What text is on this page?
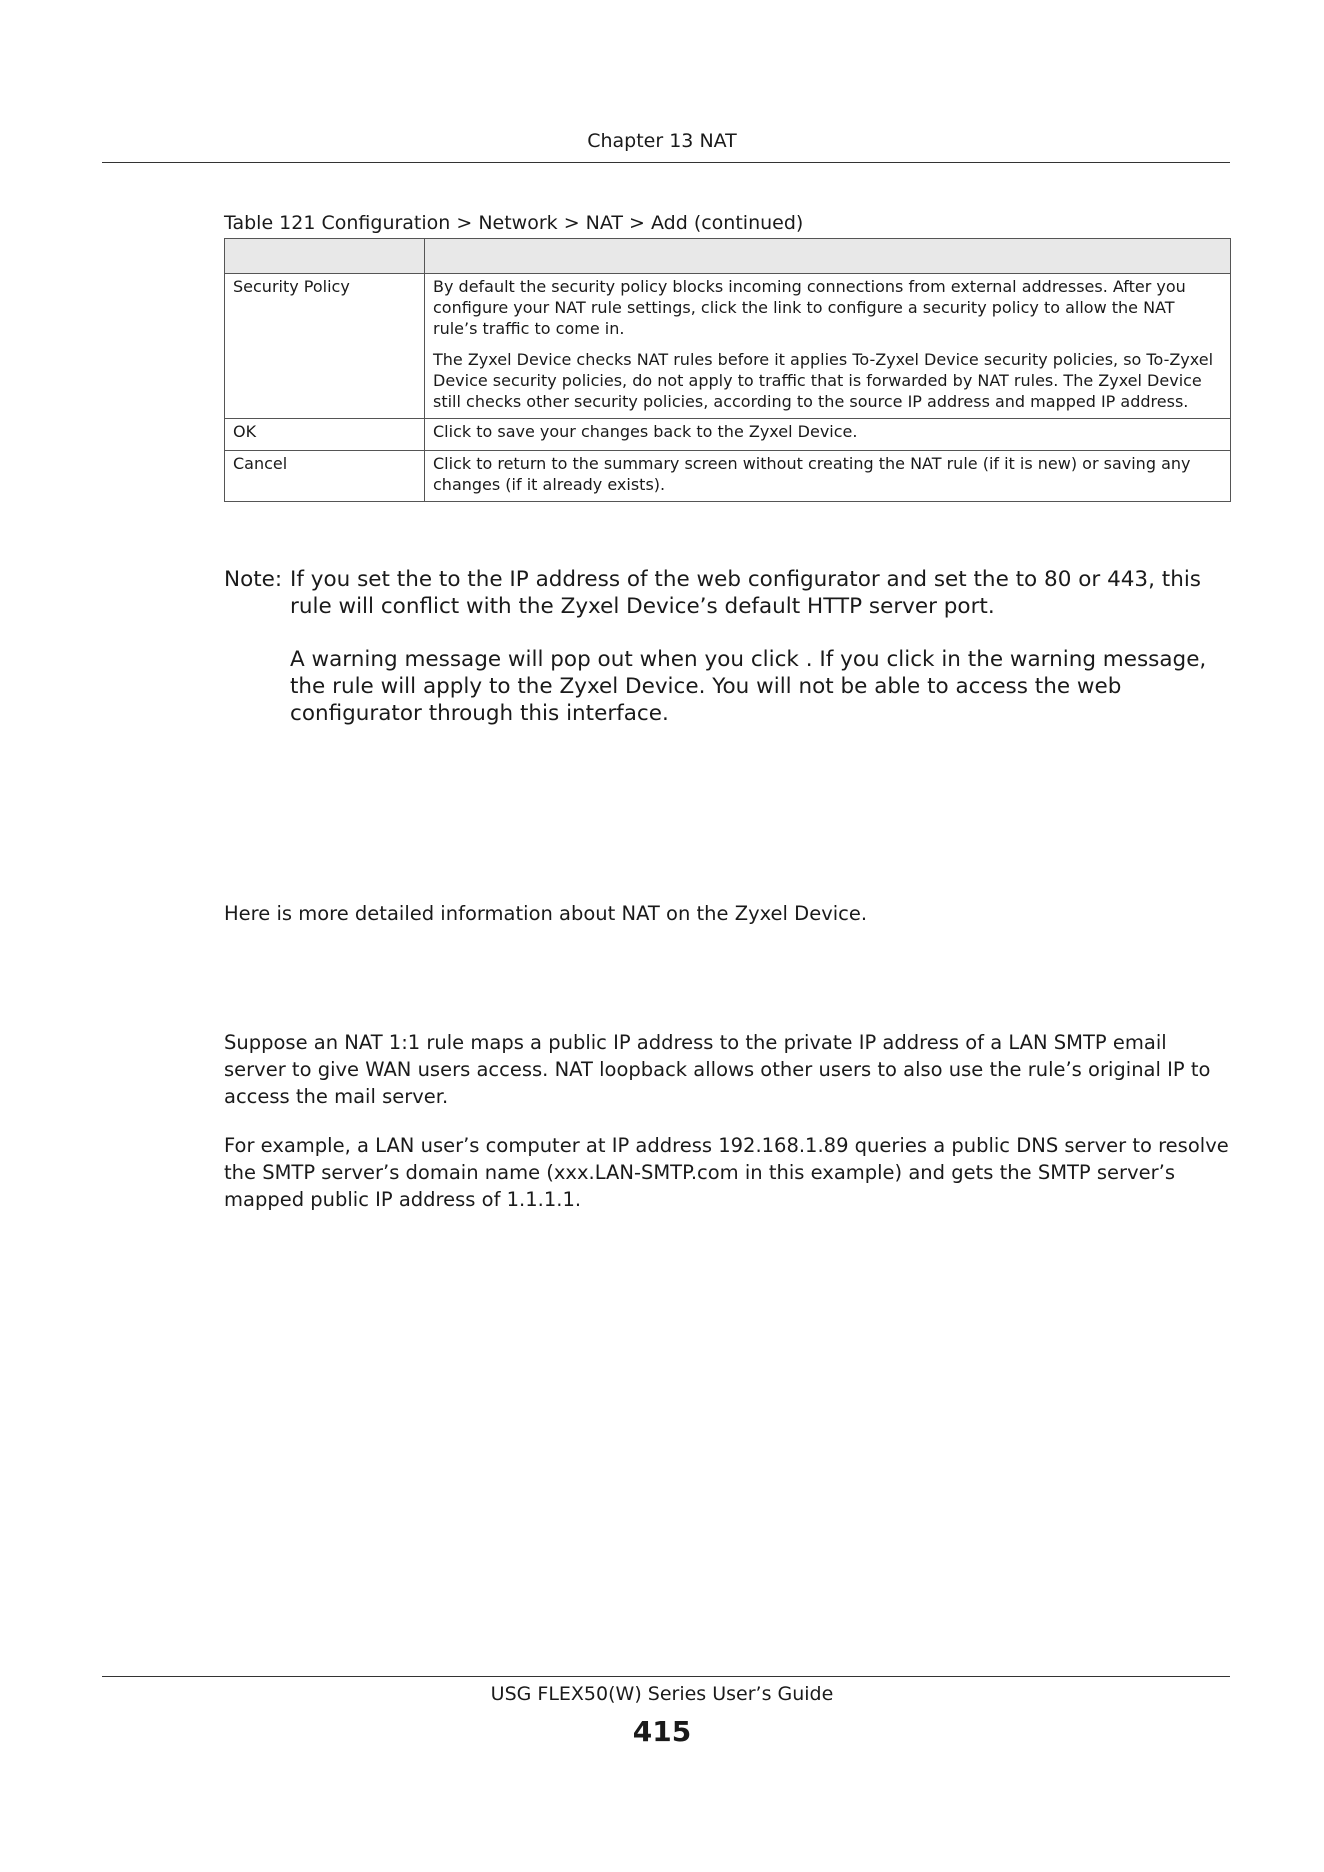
Chapter 13 NAT
Table 121 Configuration > Network > NAT > Add (continued)

Security Policy	By default the security policy blocks incoming connections from external addresses. After you configure your NAT rule settings, click the link to configure a security policy to allow the NAT rule’s traffic to come in.

The Zyxel Device checks NAT rules before it applies To-Zyxel Device security policies, so To-Zyxel Device security policies, do not apply to traffic that is forwarded by NAT rules. The Zyxel Device still checks other security policies, according to the source IP address and mapped IP address.

OK	Click to save your changes back to the Zyxel Device.

Cancel	Click to return to the summary screen without creating the NAT rule (if it is new) or saving any changes (if it already exists).

Note: If you set the to the IP address of the web configurator and set the to 80 or 443, this rule will conflict with the Zyxel Device’s default HTTP server port.

A warning message will pop out when you click . If you click in the warning message, the rule will apply to the Zyxel Device. You will not be able to access the web configurator through this interface.

Here is more detailed information about NAT on the Zyxel Device.

Suppose an NAT 1:1 rule maps a public IP address to the private IP address of a LAN SMTP email server to give WAN users access. NAT loopback allows other users to also use the rule’s original IP to access the mail server.

For example, a LAN user’s computer at IP address 192.168.1.89 queries a public DNS server to resolve the SMTP server’s domain name (xxx.LAN-SMTP.com in this example) and gets the SMTP server’s mapped public IP address of 1.1.1.1.

USG FLEX50(W) Series User’s Guide
415
